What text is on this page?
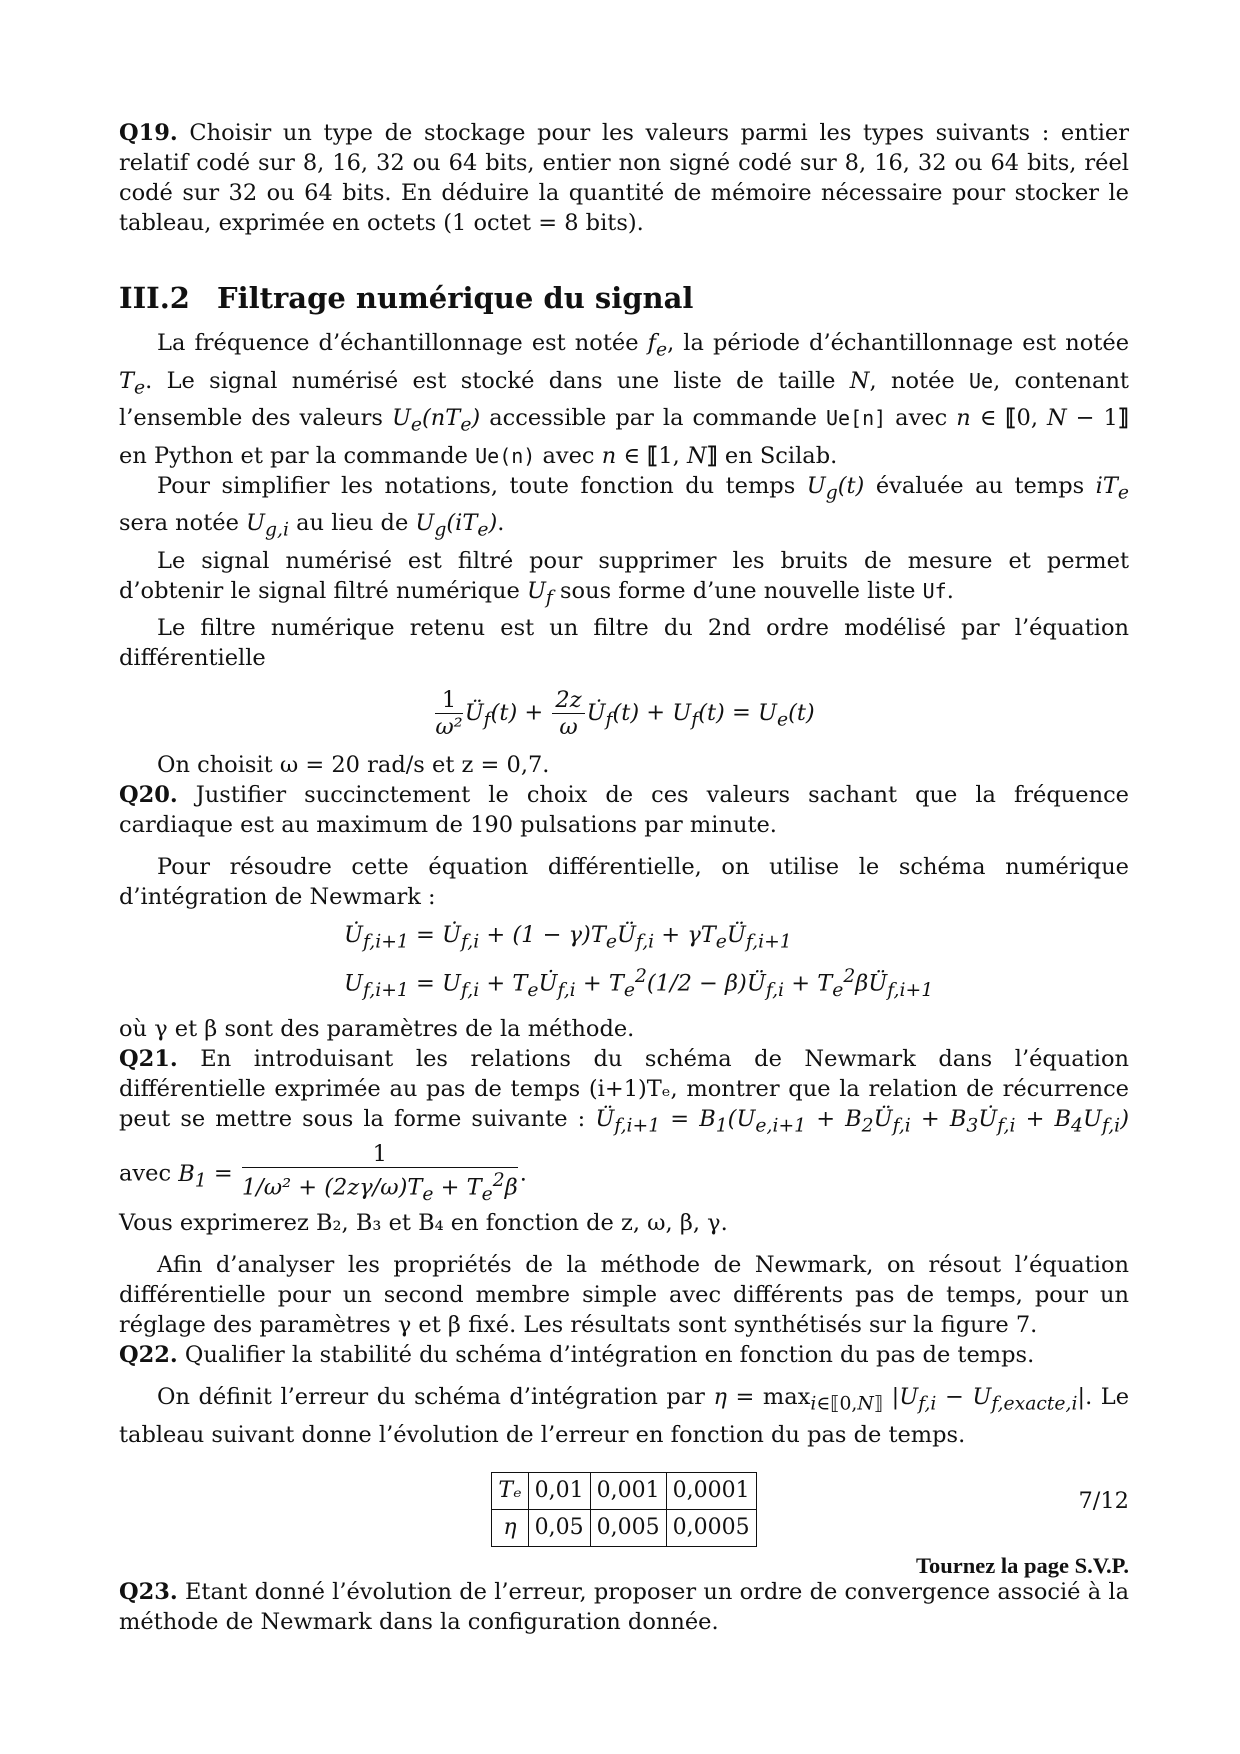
Q19. Choisir un type de stockage pour les valeurs parmi les types suivants : entier relatif codé sur 8, 16, 32 ou 64 bits, entier non signé codé sur 8, 16, 32 ou 64 bits, réel codé sur 32 ou 64 bits. En déduire la quantité de mémoire nécessaire pour stocker le tableau, exprimée en octets (1 octet = 8 bits).

III.2 Filtrage numérique du signal

La fréquence d’échantillonnage est notée $f_e$, la période d’échantillonnage est notée $T_e$. Le signal numérisé est stocké dans une liste de taille N, notée Ue, contenant l’ensemble des valeurs $U_e(nT_e)$ accessible par la commande Ue[n] avec n ∈ ⟦0, N − 1⟧ en Python et par la commande Ue(n) avec n ∈ ⟦1, N⟧ en Scilab.

Pour simplifier les notations, toute fonction du temps $U_g(t)$ évaluée au temps $iT_e$ sera notée $U_{g,i}$ au lieu de $U_g(iT_e)$.

Le signal numérisé est filtré pour supprimer les bruits de mesure et permet d’obtenir le signal filtré numérique $U_f$ sous forme d’une nouvelle liste Uf.

Le filtre numérique retenu est un filtre du 2nd ordre modélisé par l’équation différentielle

$\frac{1}{\text{ω²}}$ $Ü_f(t) + \frac{2z}{\omega}$ $U̇_f(t) + U_f(t) = U_e(t)$

On choisit ω = 20 rad/s et z = 0,7.

Q20. Justifier succinctement le choix de ces valeurs sachant que la fréquence cardiaque est au maximum de 190 pulsations par minute.

Pour résoudre cette équation différentielle, on utilise le schéma numérique d’intégration de Newmark :

$U̇_{f,i+1}$ = $U̇_{f,i} + (1$ − $\gamma)T_eÜ_{f,i}$ + $\gamma T_eÜ_{f,i+1}$
$U_{f,i+1} = U_{f,i}$ + $T_eU̇_{f,i} + T_e^2(1/2$ − $\beta)Ü_{f,i}$ + $T_e^2\beta Ü_{f,i+1}$

où γ et β sont des paramètres de la méthode.

Q21. En introduisant les relations du schéma de Newmark dans l’équation différentielle exprimée au pas de temps (i+1)Tₑ, montrer que la relation de récurrence peut se mettre sous la forme suivante : $Ü_{f,i+1} = B_1(U_{e,i+1}$ + $B_2Ü_{f,i}$ + $B_3U̇_{f,i} + B_4U_{f,i}$) avec $B_1 = \frac{1}{1/\omega^2 + (2z\gamma/\omega)T_e + T_e^2\beta}$ .

Vous exprimerez B₂, B₃ et B₄ en fonction de z, ω, β, γ.

Afin d’analyser les propriétés de la méthode de Newmark, on résout l’équation différentielle pour un second membre simple avec différents pas de temps, pour un réglage des paramètres γ et β fixé. Les résultats sont synthétisés sur la figure 7.

Q22. Qualifier la stabilité du schéma d’intégration en fonction du pas de temps.

On définit l’erreur du schéma d’intégration par $\eta = \max_{i\in⟦0,N⟧} |U_{f,i} - U_{f,exacte,i}|$. Le tableau suivant donne l’évolution de l’erreur en fonction du pas de temps.

Tₑ	0,01	0,001	0,0001
η	0,05	0,005	0,0005

Q23. Etant donné l’évolution de l’erreur, proposer un ordre de convergence associé à la méthode de Newmark dans la configuration donnée.

7/12
Tournez la page S.V.P.
